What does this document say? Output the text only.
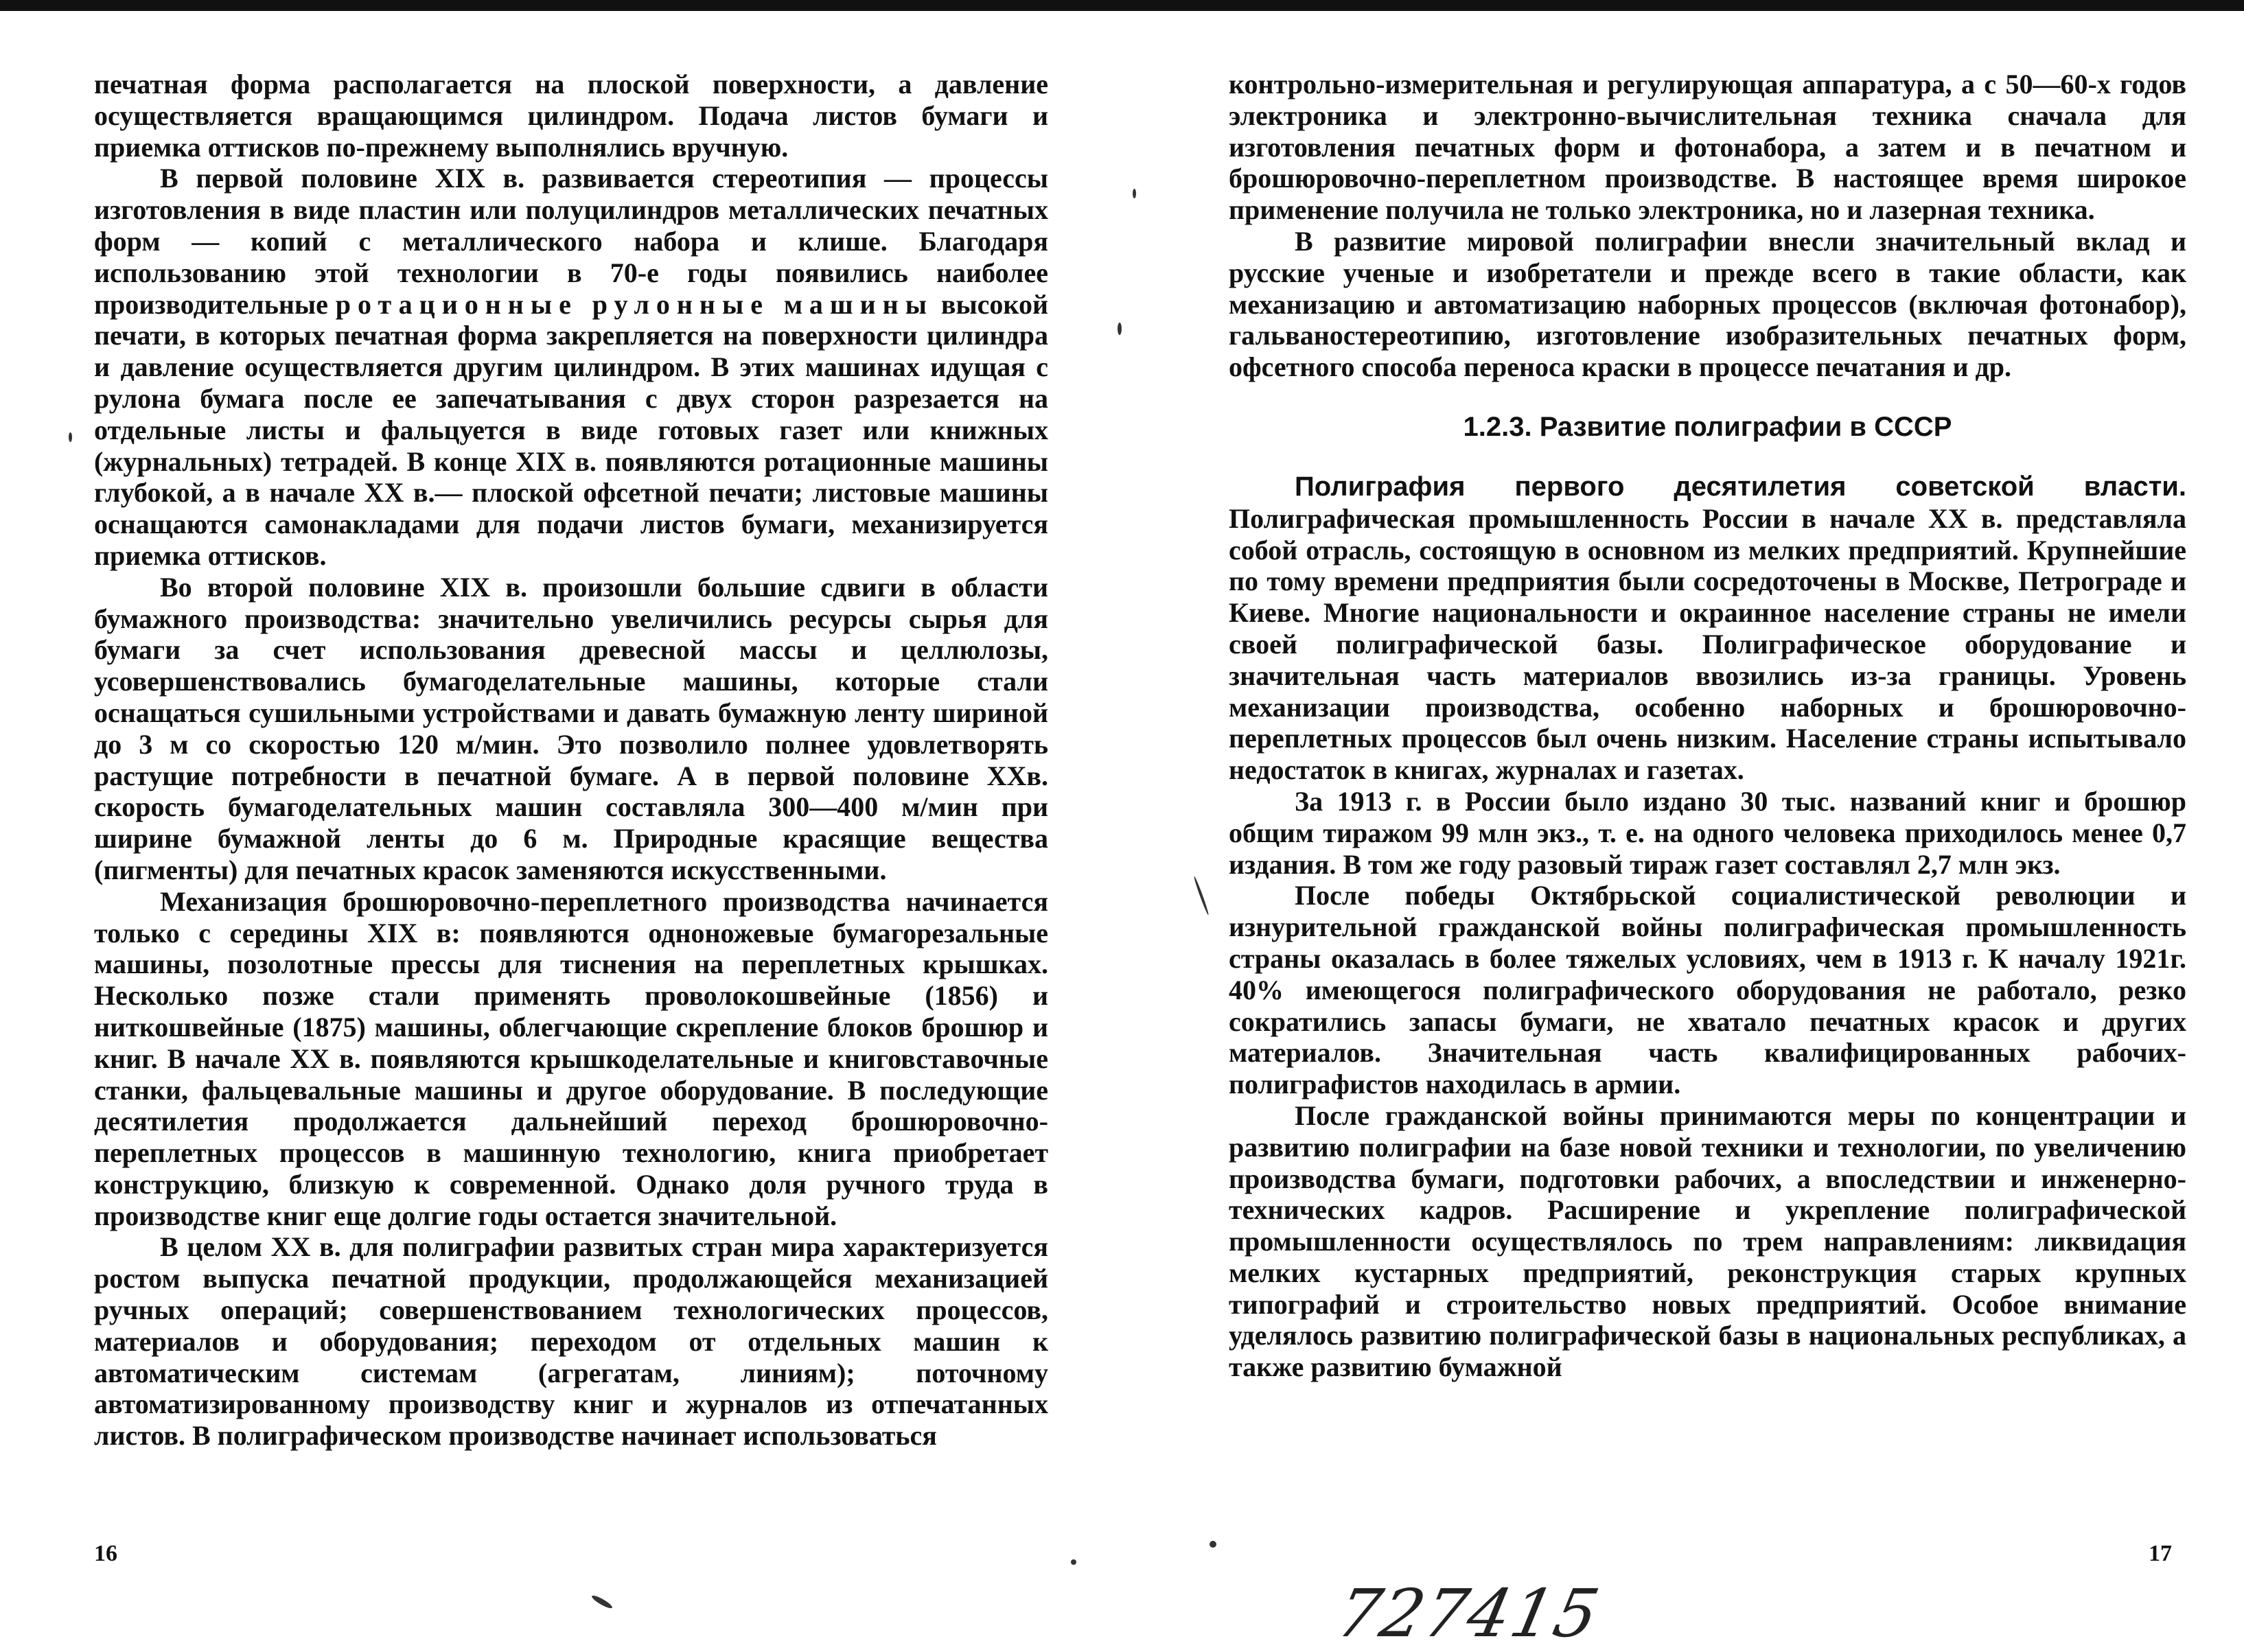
печатная форма располагается на плоской поверхности, а давление осуществляется вращающимся цилиндром. Подача листов бумаги и приемка оттисков по-прежнему выполнялись вручную.

В первой половине XIX в. развивается стереотипия — процессы изготовления в виде пластин или полуцилиндров металлических печатных форм — копий с металлического набора и клише. Благодаря использованию этой технологии в 70-е годы появились наиболее производительные ротационные рулонные машины высокой печати, в которых печатная форма закрепляется на поверхности цилиндра и давление осуществляется другим цилиндром. В этих машинах идущая с рулона бумага после ее запечатывания с двух сторон разрезается на отдельные листы и фальцуется в виде готовых газет или книжных (журнальных) тетрадей. В конце XIX в. появляются ротационные машины глубокой, а в начале XX в.— плоской офсетной печати; листовые машины оснащаются самонакладами для подачи листов бумаги, механизируется приемка оттисков.

Во второй половине XIX в. произошли большие сдвиги в области бумажного производства: значительно увеличились ресурсы сырья для бумаги за счет использования древесной массы и целлюлозы, усовершенствовались бумагоделательные машины, которые стали оснащаться сушильными устройствами и давать бумажную ленту шириной до 3 м со скоростью 120 м/мин. Это позволило полнее удовлетворять растущие потребности в печатной бумаге. А в первой половине XXв. скорость бумагоделательных машин составляла 300—400 м/мин при ширине бумажной ленты до 6 м. Природные красящие вещества (пигменты) для печатных красок заменяются искусственными.

Механизация брошюровочно-переплетного производства начинается только с середины XIX в: появляются одноножевые бумагорезальные машины, позолотные прессы для тиснения на переплетных крышках. Несколько позже стали применять проволокошвейные (1856) и ниткошвейные (1875) машины, облегчающие скрепление блоков брошюр и книг. В начале XX в. появляются крышкоделательные и книговставочные станки, фальцевальные машины и другое оборудование. В последующие десятилетия продолжается дальнейший переход брошюровочно-переплетных процессов в машинную технологию, книга приобретает конструкцию, близкую к современной. Однако доля ручного труда в производстве книг еще долгие годы остается значительной.

В целом XX в. для полиграфии развитых стран мира характеризуется ростом выпуска печатной продукции, продолжающейся механизацией ручных операций; совершенствованием технологических процессов, материалов и оборудования; переходом от отдельных машин к автоматическим системам (агрегатам, линиям); поточному автоматизированному производству книг и журналов из отпечатанных листов. В полиграфическом производстве начинает использоваться

16

контрольно-измерительная и регулирующая аппаратура, а с 50—60-х годов электроника и электронно-вычислительная техника сначала для изготовления печатных форм и фотонабора, а затем и в печатном и брошюровочно-переплетном производстве. В настоящее время широкое применение получила не только электроника, но и лазерная техника.

В развитие мировой полиграфии внесли значительный вклад и русские ученые и изобретатели и прежде всего в такие области, как механизацию и автоматизацию наборных процессов (включая фотонабор), гальваностереотипию, изготовление изобразительных печатных форм, офсетного способа переноса краски в процессе печатания и др.

1.2.3. Развитие полиграфии в СССР

Полиграфия первого десятилетия советской власти. Полиграфическая промышленность России в начале XX в. представляла собой отрасль, состоящую в основном из мелких предприятий. Крупнейшие по тому времени предприятия были сосредоточены в Москве, Петрограде и Киеве. Многие национальности и окраинное население страны не имели своей полиграфической базы. Полиграфическое оборудование и значительная часть материалов ввозились из-за границы. Уровень механизации производства, особенно наборных и брошюровочно-переплетных процессов был очень низким. Население страны испытывало недостаток в книгах, журналах и газетах.

За 1913 г. в России было издано 30 тыс. названий книг и брошюр общим тиражом 99 млн экз., т. е. на одного человека приходилось менее 0,7 издания. В том же году разовый тираж газет составлял 2,7 млн экз.

После победы Октябрьской социалистической революции и изнурительной гражданской войны полиграфическая промышленность страны оказалась в более тяжелых условиях, чем в 1913 г. К началу 1921г. 40% имеющегося полиграфического оборудования не работало, резко сократились запасы бумаги, не хватало печатных красок и других материалов. Значительная часть квалифицированных рабочих-полиграфистов находилась в армии.

После гражданской войны принимаются меры по концентрации и развитию полиграфии на базе новой техники и технологии, по увеличению производства бумаги, подготовки рабочих, а впоследствии и инженерно-технических кадров. Расширение и укрепление полиграфической промышленности осуществлялось по трем направлениям: ликвидация мелких кустарных предприятий, реконструкция старых крупных типографий и строительство новых предприятий. Особое внимание уделялось развитию полиграфической базы в национальных республиках, а также развитию бумажной

17
727415
